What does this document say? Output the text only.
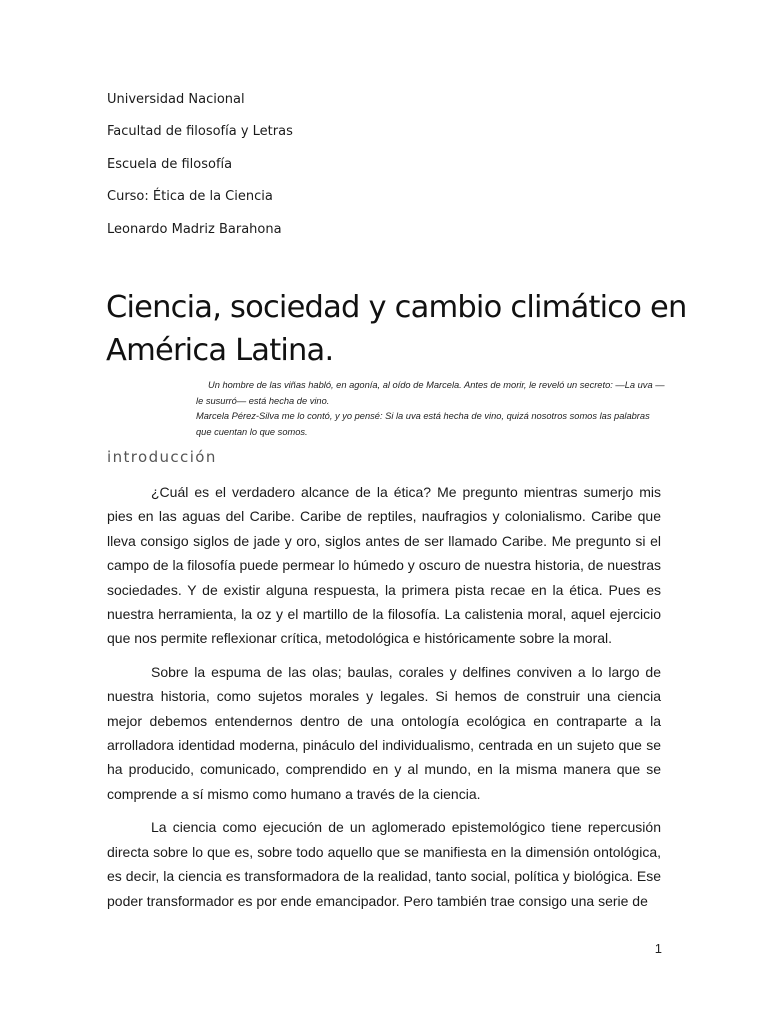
Universidad Nacional
Facultad de filosofía y Letras
Escuela de filosofía
Curso: Ética de la Ciencia
Leonardo Madriz Barahona
Ciencia, sociedad y cambio climático en América Latina.

Un hombre de las viñas habló, en agonía, al oído de Marcela. Antes de morir, le reveló un secreto: —La uva —le susurró— está hecha de vino.

Marcela Pérez-Silva me lo contó, y yo pensé: Si la uva está hecha de vino, quizá nosotros somos las palabras que cuentan lo que somos.

introducción

¿Cuál es el verdadero alcance de la ética? Me pregunto mientras sumerjo mis pies en las aguas del Caribe. Caribe de reptiles, naufragios y colonialismo. Caribe que lleva consigo siglos de jade y oro, siglos antes de ser llamado Caribe. Me pregunto si el campo de la filosofía puede permear lo húmedo y oscuro de nuestra historia, de nuestras sociedades. Y de existir alguna respuesta, la primera pista recae en la ética. Pues es nuestra herramienta, la oz y el martillo de la filosofía. La calistenia moral, aquel ejercicio que nos permite reflexionar crítica, metodológica e históricamente sobre la moral.

Sobre la espuma de las olas; baulas, corales y delfines conviven a lo largo de nuestra historia, como sujetos morales y legales. Si hemos de construir una ciencia mejor debemos entendernos dentro de una ontología ecológica en contraparte a la arrolladora identidad moderna, pináculo del individualismo, centrada en un sujeto que se ha producido, comunicado, comprendido en y al mundo, en la misma manera que se comprende a sí mismo como humano a través de la ciencia.

La ciencia como ejecución de un aglomerado epistemológico tiene repercusión directa sobre lo que es, sobre todo aquello que se manifiesta en la dimensión ontológica, es decir, la ciencia es transformadora de la realidad, tanto social, política y biológica. Ese poder transformador es por ende emancipador. Pero también trae consigo una serie de

1
